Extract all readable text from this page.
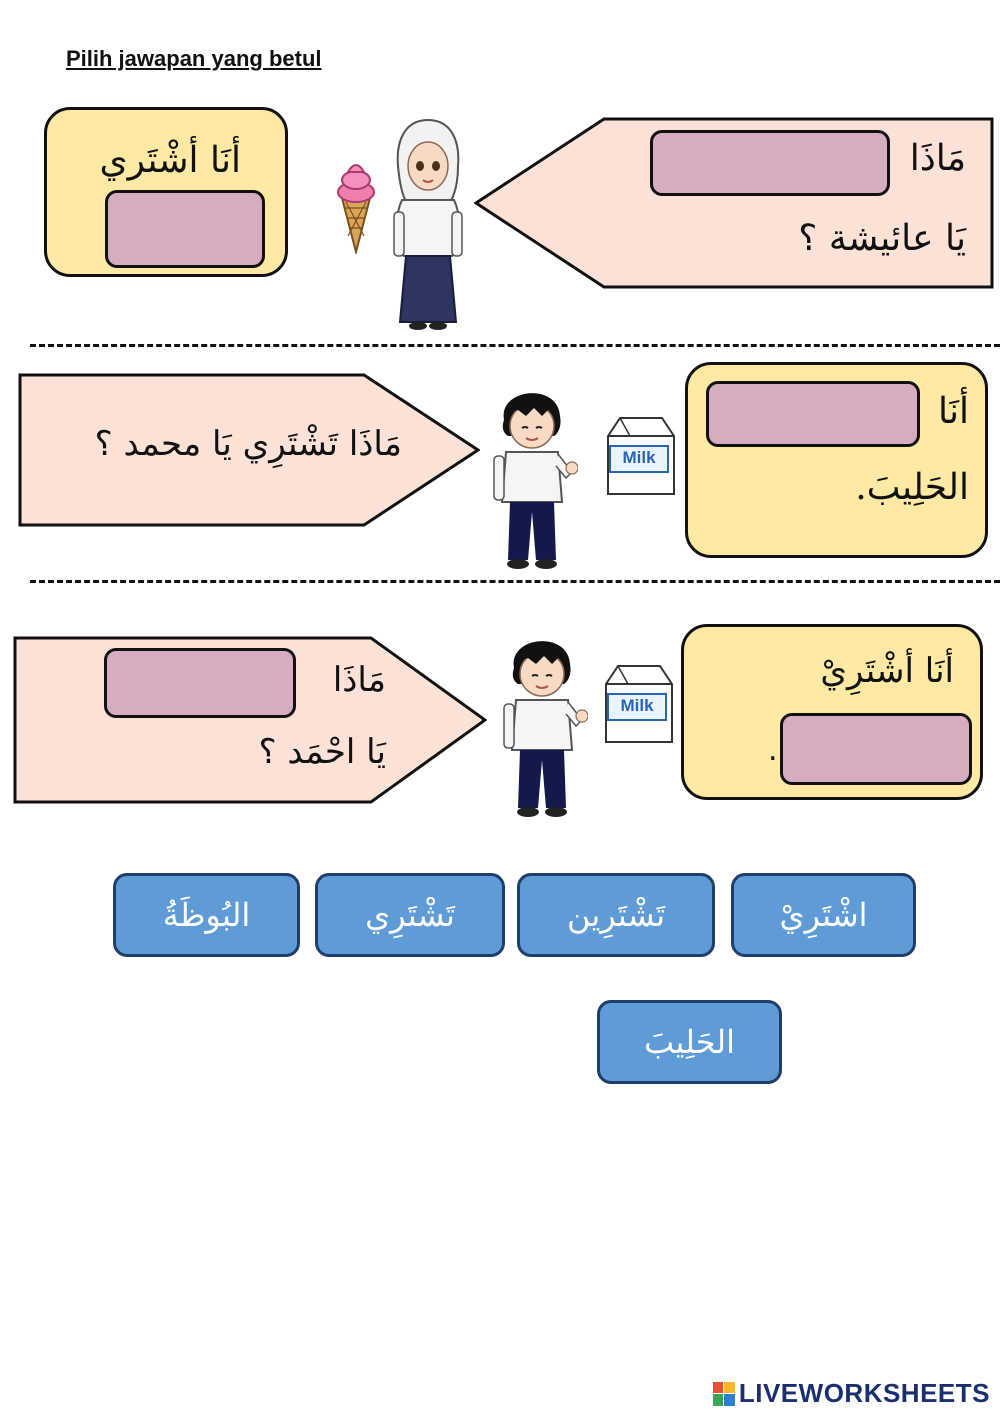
Pilih jawapan yang betul
أنَا أشْتَري	مَاذَا
يَا عائيشة ؟
مَاذَا تَشْتَرِي يَا محمد ؟	Milk
أنَا
الحَلِيبَ.
مَاذَا
يَا احْمَد ؟
Milk
أنَا أشْتَرِيْ
.
اشْتَرِيْ
تَشْتَرِين
تَشْتَرِي
البُوظَةُ
الحَلِيبَ
LIVEWORKSHEETS
